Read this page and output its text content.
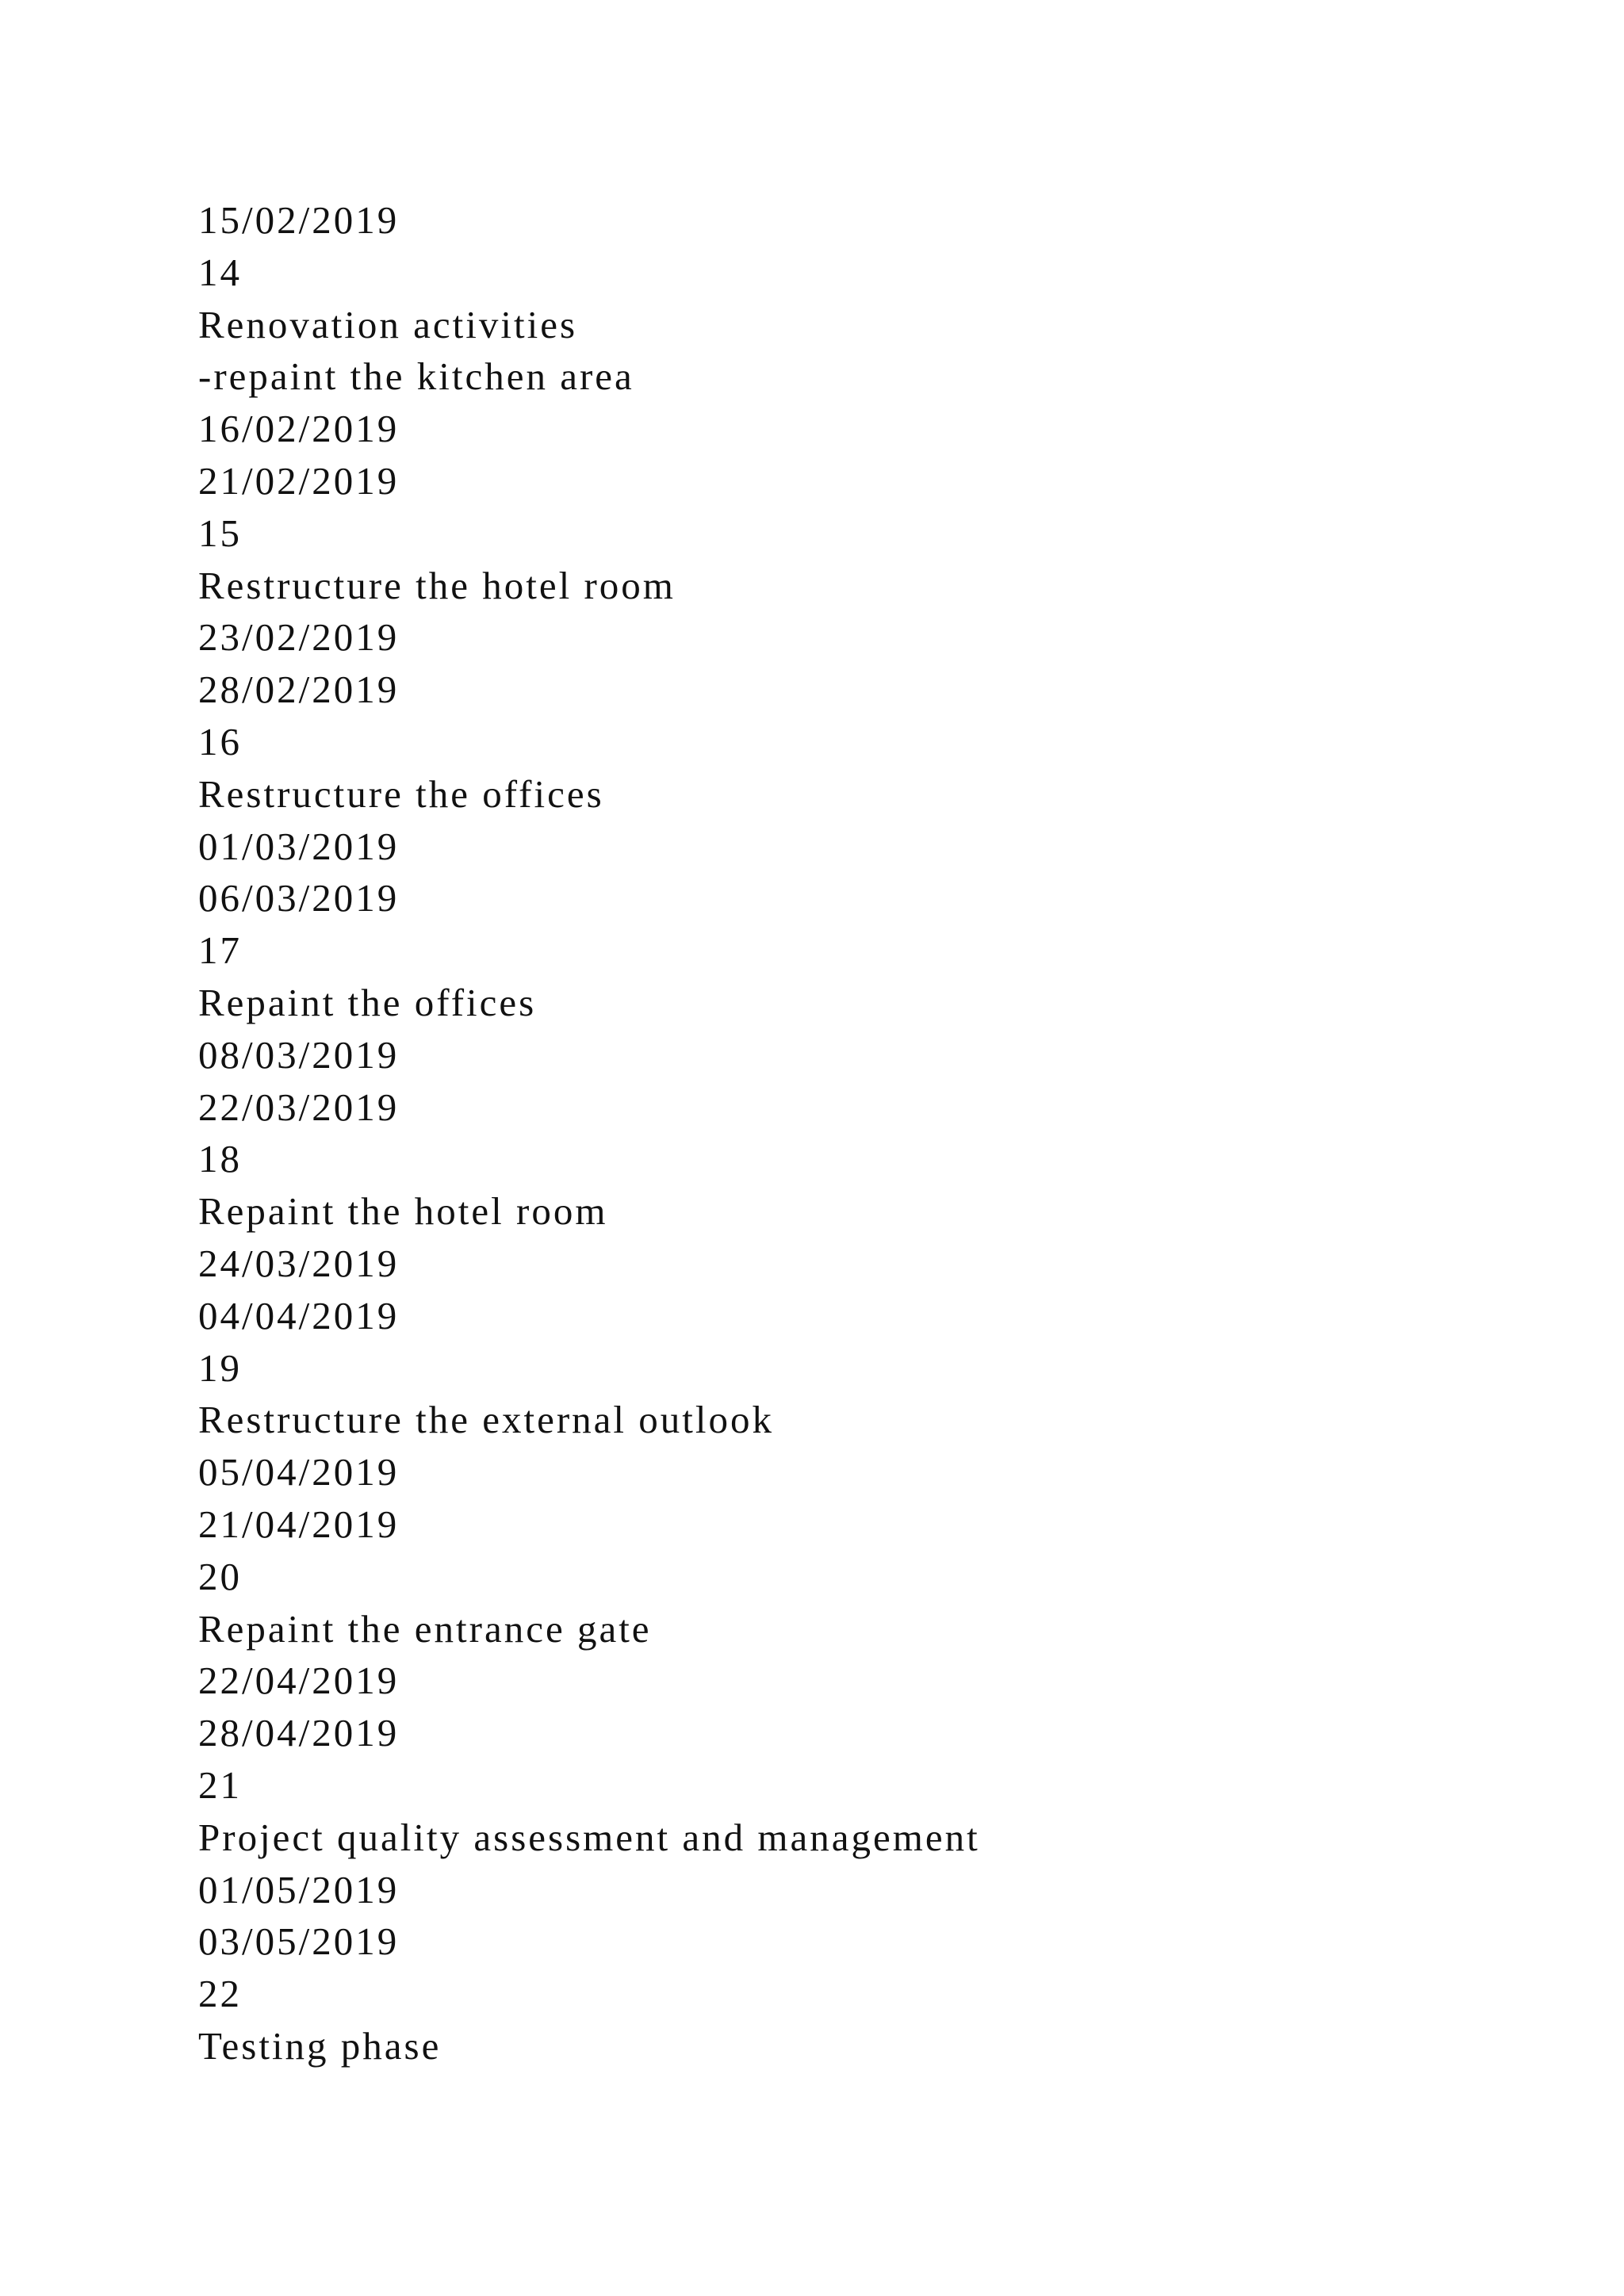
15/02/2019
14
Renovation activities
-repaint the kitchen area
16/02/2019
21/02/2019
15
Restructure the hotel room
23/02/2019
28/02/2019
16
Restructure the offices
01/03/2019
06/03/2019
17
Repaint the offices
08/03/2019
22/03/2019
18
Repaint the hotel room
24/03/2019
04/04/2019
19
Restructure the external outlook
05/04/2019
21/04/2019
20
Repaint the entrance gate
22/04/2019
28/04/2019
21
Project quality assessment and management
01/05/2019
03/05/2019
22
Testing phase
